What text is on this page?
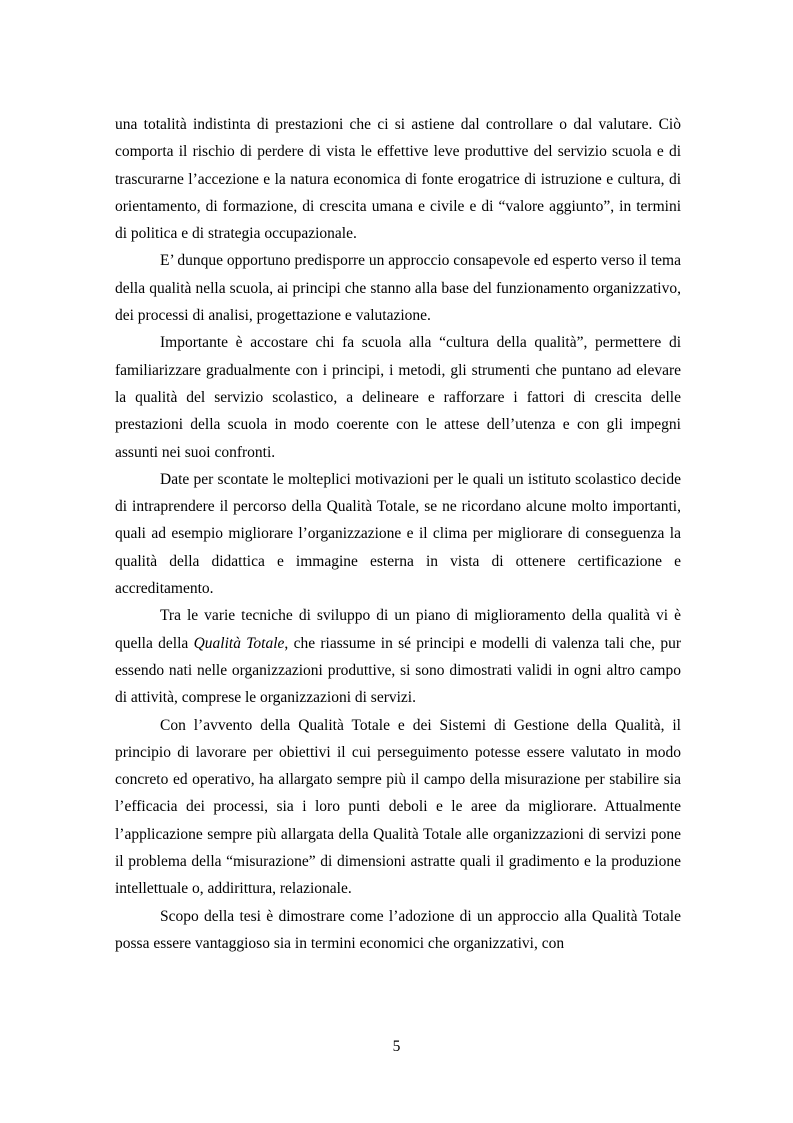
una totalità indistinta di prestazioni che ci si astiene dal controllare o dal valutare. Ciò comporta il rischio di perdere di vista le effettive leve produttive del servizio scuola e di trascurarne l’accezione e la natura economica di fonte erogatrice di istruzione e cultura, di orientamento, di formazione, di crescita umana e civile e di “valore aggiunto”, in termini di politica e di strategia occupazionale.

E’ dunque opportuno predisporre un approccio consapevole ed esperto verso il tema della qualità nella scuola, ai principi che stanno alla base del funzionamento organizzativo, dei processi di analisi, progettazione e valutazione.

Importante è accostare chi fa scuola alla “cultura della qualità”, permettere di familiarizzare gradualmente con i principi, i metodi, gli strumenti che puntano ad elevare la qualità del servizio scolastico, a delineare e rafforzare i fattori di crescita delle prestazioni della scuola in modo coerente con le attese dell’utenza e con gli impegni assunti nei suoi confronti.

Date per scontate le molteplici motivazioni per le quali un istituto scolastico decide di intraprendere il percorso della Qualità Totale, se ne ricordano alcune molto importanti, quali ad esempio migliorare l’organizzazione e il clima per migliorare di conseguenza la qualità della didattica e immagine esterna in vista di ottenere certificazione e accreditamento.

Tra le varie tecniche di sviluppo di un piano di miglioramento della qualità vi è quella della Qualità Totale, che riassume in sé principi e modelli di valenza tali che, pur essendo nati nelle organizzazioni produttive, si sono dimostrati validi in ogni altro campo di attività, comprese le organizzazioni di servizi.

Con l’avvento della Qualità Totale e dei Sistemi di Gestione della Qualità, il principio di lavorare per obiettivi il cui perseguimento potesse essere valutato in modo concreto ed operativo, ha allargato sempre più il campo della misurazione per stabilire sia l’efficacia dei processi, sia i loro punti deboli e le aree da migliorare. Attualmente l’applicazione sempre più allargata della Qualità Totale alle organizzazioni di servizi pone il problema della “misurazione” di dimensioni astratte quali il gradimento e la produzione intellettuale o, addirittura, relazionale.

Scopo della tesi è dimostrare come l’adozione di un approccio alla Qualità Totale possa essere vantaggioso sia in termini economici che organizzativi, con

5
